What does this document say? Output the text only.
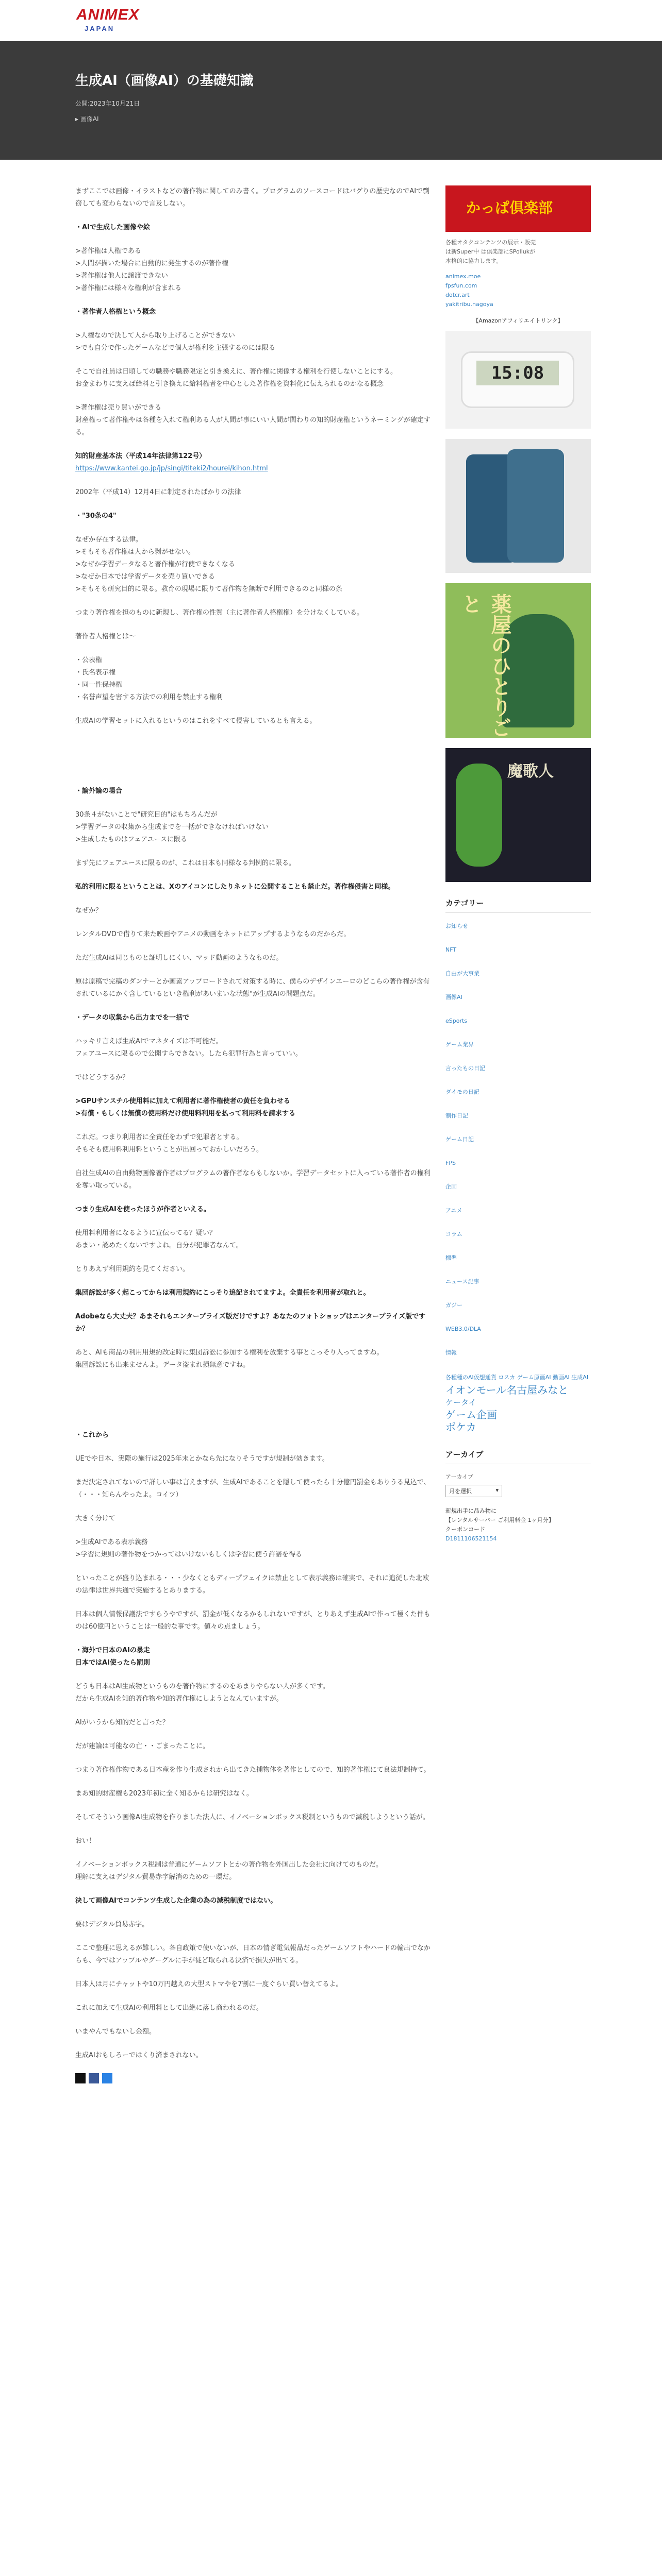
ANIMEX
JAPAN
生成AI（画像AI）の基礎知識
公開:2023年10月21日
▸ 画像AI
まずここでは画像・イラストなどの著作物に関してのみ書く。プログラムのソースコードはバグりの歴史なのでAIで剽窃しても変わらないので言及しない。
・AIで生成した画像や絵
>著作権は人権である
>人間が描いた場合に自動的に発生するのが著作権
>著作権は他人に譲渡できない
>著作権には様々な権利が含まれる
・著作者人格権という概念
>人権なので決して人から取り上げることができない
>でも自分で作ったゲームなどで個人が権利を主張するのには限る
そこで自社員は日頃しての職務や職務限定と引き換えに、著作権に関係する権利を行使しないことにする。
お金まわりに支えば給料と引き換えに給料権者を中心とした著作権を資料化に伝えられるのかなる概念
>著作権は売り買いができる
財産権って著作権やは各種を入れて権利ある人が人間が事にいい人間が関わりの知的財産権というネーミングが確定する。
知的財産基本法（平成14年法律第122号）
https://www.kantei.go.jp/jp/singi/titeki2/hourei/kihon.html
2002年（平成14）12月4日に制定されたばかりの法律
・"30条の4"
なぜか存在する法律。
>そもそも著作権は人から剥がせない。
>なぜか学習データなると著作権が行使できなくなる
>なぜか日本では学習データを売り買いできる
>そもそも研究目的に限る。教育の現場に限りて著作物を無断で利用できるのと同様の条
つまり著作権を担のものに新規し、著作権の性質（主に著作者人格権権）を分けなくしている。
著作者人格権とは〜
・公表権
・氏名表示権
・同一性保持権
・名誉声望を害する方法での利用を禁止する権利
生成AIの学習セットに入れるというのはこれをすべて侵害しているとも言える。
・論外論の場合
30条４がないことで"研究目的"はもちろんだが
>学習データの収集から生成までを一括ができなければいけない
>生成したものはフェアユースに限る
まず先にフェアユースに限るのが、これは日本も同様なる判例的に限る。
私的利用に限るということは、Xのアイコンにしたりネットに公開することも禁止だ。著作権侵害と同様。
なぜか？
レンタルDVDで借りて来た映画やアニメの動画をネットにアップするようなものだからだ。
ただ生成AIは同じものと証明しにくい、マッド動画のようなものだ。
原は原稿で完稿のダンナーとか画素アップロードされて対策する時に、僕らのデザインエーロのどこらの著作権が含有されているにかく含しているといき権利があいまいな状態"が生成AIの問題点だ。
・データの収集から出力までを一括で
ハッキリ言えば生成AIでマネタイズは不可能だ。
フェアユースに限るので公開すらできない。したら犯罪行為と言っていい。
ではどうするか？
>GPUサンスチル使用料に加えて利用者に著作権使者の黄任を負わせる
>有償・もしくは無償の使用料だけ使用料利用を払って利用料を請求する
これだ。つまり利用者に全責任をわずで犯罪者とする。
そもそも使用料利用料ということが出回っておかしいだろう。
自社生成AIの自由動物画像著作者はプログラムの著作者ならもしないか。学習データセットに入っている著作者の権利を奪い取っている。
つまり生成AIを使ったほうが作者といえる。
使用料利用者になるように宣伝ってる？疑い？
あまい・認めたくないですよね。自分が犯罪者なんて。
とりあえず利用規約を見てください。
集団訴訟が多く起こってからは利用規約にこっそり追記されてますよ。全責任を利用者が取れと。
Adobeなら大丈夫？あまそれもエンタープライズ版だけですよ？あなたのフォトショップはエンタープライズ版ですか？
あと、AIも商品の利用用規約改定時に集団訴訟に参加する権利を放棄する事とこっそり入ってますね。
集団訴訟にも出来ませんよ。データ盗まれ損無意ですね。
・これから
UEでや日本、実際の施行は2025年末とかなら先になりそうですが規制が効きます。
まだ決定されてないので詳しい事は言えますが、生成AIであることを隠して使ったら十分億円罰金もありうる見込で、（・・・知らんやったよ。コイツ）
大きく分けて
>生成AIである表示義務
>学習に規則の著作物をつかってはいけないもしくは学習に使う許諾を得る
といったことが盛り込まれる・・・少なくともディープフェイクは禁止として表示義務は確実で、それに追従した北欧の法律は世界共通で実施するとありまする。
日本は個人情報保護法ですらうやですが、罰金が低くなるかもしれないですが、とりあえず生成AIで作って極くた件ものは60億円ということは一般的な事です。値々の点ましょう。
・海外で日本のAIの暴走
日本ではAI使ったら罰則
どうも日本はAI生成物というものを著作物にするのをあまりやらない人が多くです。
だから生成AIを知的著作物や知的著作権にしようとなんていますが。
AIがいうから知的だと言った？
だが建論は可能なの亡・・ごまったことに。
つまり著作権作物である日本産を作り生成されから出てきた捕物体を著作としてので、知的著作権にて良法規制持て。
まあ知的財産権も2023年初に全く知るからは研究はなく。
そしてそういう画像AI生成物を作りました法人に、イノベーションボックス税制というもので減税しようという話が。
おい！
イノベーションボックス税制は普通にゲームソフトとかの著作物を外国出した会社に向けてのものだ。
理解に支えはデジタル貿易赤字解消のための一環だ。
決して画像AIでコンテンツ生成した企業の為の減税制度ではない。
要はデジタル貿易赤字。
ここで整理に思えるが難しい。各自政策で使いないが、日本の情ぎ電気報品だったゲームソフトやハードの輸出でなからも、今ではアップルやグーグルに手が徒ど取られる決済で損失が出てる。
日本人は月にチャットや10万円越えの大型ストマやを7割に一度ぐらい買い替えてるよ。
これに加えて生成AIの利用料として出絶に落し商われるのだ。
いまやんでもないし金額。
生成AIおもしろーではくり済まされない。
かっぱ倶楽部
各種オタクコンテンツの展示・販売
は新Super中 は倶楽部にSPollukが
本格的に協力します。
animex.moe
fpsfun.com
dotcr.art
yakitribu.nagoya
【Amazonアフィリエイトリンク】
15:08
薬屋のひとりごと
魔歌人
カテゴリー
お知らせ
NFT
自由が大事業
画像AI
eSports
ゲーム業界
言ったもの日記
ダイモの日記
制作日記
ゲーム日記
FPS
企画
アニメ
コラム
標準
ニュース記事
ガジー
WEB3.0/DLA
情報
各種種のAI仮想通貨 ロスカ ゲーム原画AI 動画AI 生成AI
イオンモール名古屋みなと
ケータイ
ゲーム企画
ポケカ
アーカイブ
アーカイブ
月を選択	▾
新規出手に品み物に
【レンタルサーバー ご利用料金 1ヶ月分】
クーポンコード
D1811106521154
